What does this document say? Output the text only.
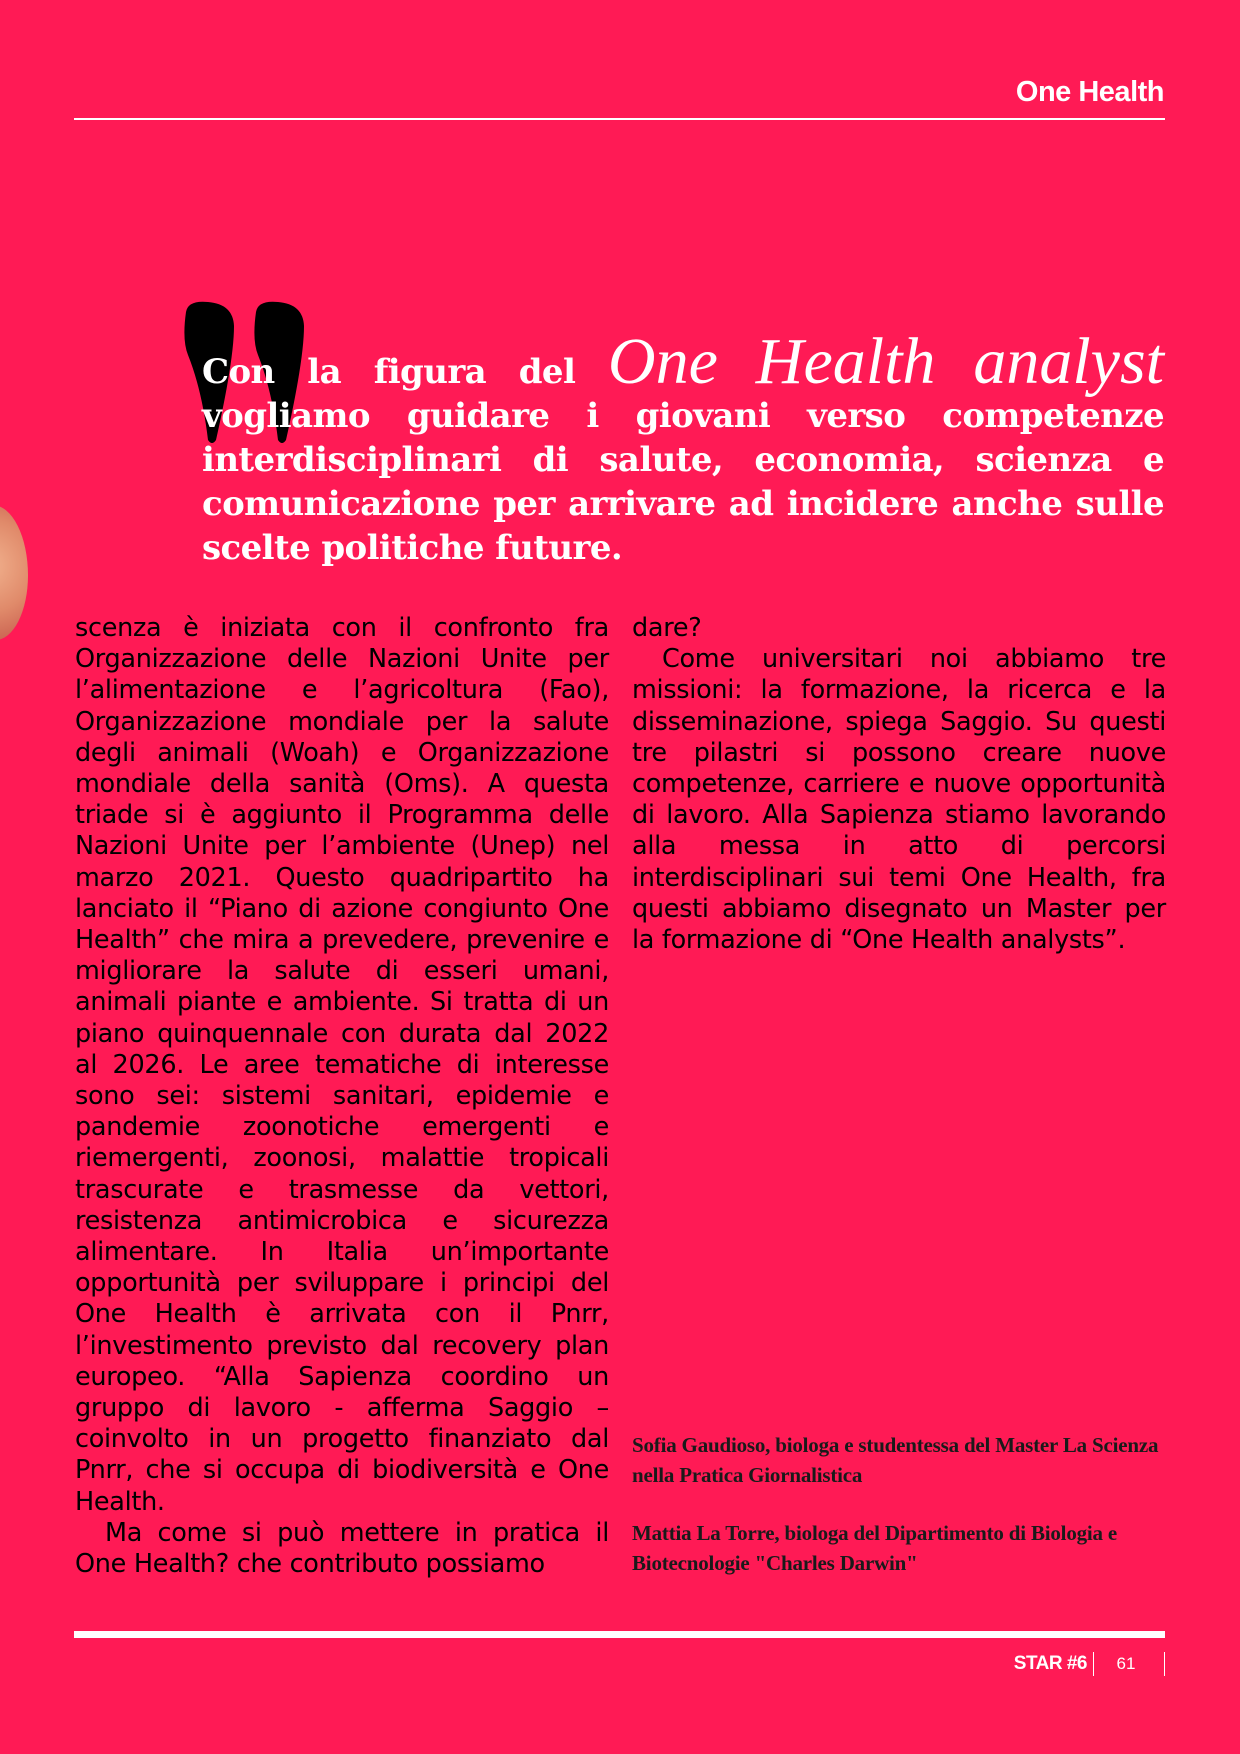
One Health
Con la figura del One Health analyst vogliamo guidare i giovani verso competenze interdisciplinari di salute, economia, scienza e comunicazione per arrivare ad incidere anche sulle scelte politiche future.

scenza è iniziata con il confronto fra Organizzazione delle Nazioni Unite per l’alimentazione e l’agricoltura (Fao), Organizzazione mondiale per la salute degli animali (Woah) e Organizzazione mondiale della sanità (Oms). A questa triade si è aggiunto il Programma delle Nazioni Unite per l’ambiente (Unep) nel marzo 2021. Questo quadripartito ha lanciato il “Piano di azione congiunto One Health” che mira a prevedere, prevenire e migliorare la salute di esseri umani, animali piante e ambiente. Si tratta di un piano quinquennale con durata dal 2022 al 2026. Le aree tematiche di interesse sono sei: sistemi sanitari, epidemie e pandemie zoonotiche emergenti e riemergenti, zoonosi, malattie tropicali trascurate e trasmesse da vettori, resistenza antimicrobica e sicurezza alimentare. In Italia un’importante opportunità per sviluppare i principi del One Health è arrivata con il Pnrr, l’investimento previsto dal recovery plan europeo. “Alla Sapienza coordino un gruppo di lavoro - afferma Saggio – coinvolto in un progetto finanziato dal Pnrr, che si occupa di biodiversità e One Health.

Ma come si può mettere in pratica il One Health? che contributo possiamo

dare?

Come universitari noi abbiamo tre missioni: la formazione, la ricerca e la disseminazione, spiega Saggio. Su questi tre pilastri si possono creare nuove competenze, carriere e nuove opportunità di lavoro. Alla Sapienza stiamo lavorando alla messa in atto di percorsi interdisciplinari sui temi One Health, fra questi abbiamo disegnato un Master per la formazione di “One Health analysts”.

Sofia Gaudioso, biologa e studentessa del Master La Scienza nella Pratica Giornalistica

Mattia La Torre, biologa del Dipartimento di Biologia e Biotecnologie "Charles Darwin"

STAR #6	61
